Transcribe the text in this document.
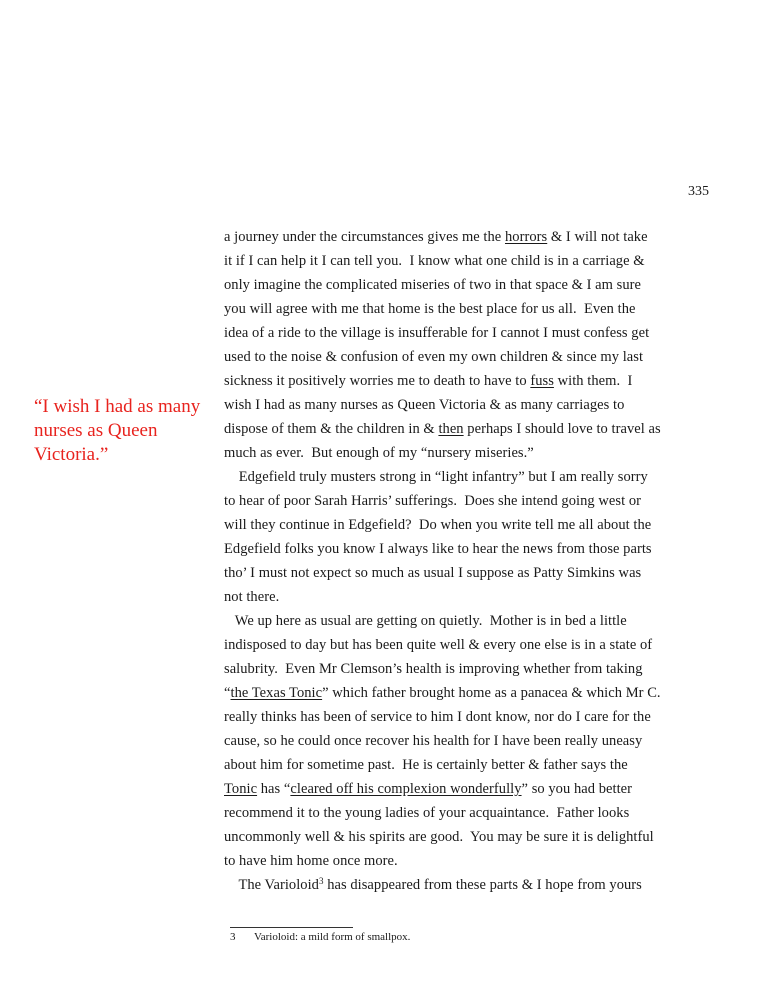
335
“I wish I had as many nurses as Queen Victoria.”
a journey under the circumstances gives me the horrors & I will not take
it if I can help it I can tell you.  I know what one child is in a carriage &
only imagine the complicated miseries of two in that space & I am sure
you will agree with me that home is the best place for us all.  Even the
idea of a ride to the village is insufferable for I cannot I must confess get
used to the noise & confusion of even my own children & since my last
sickness it positively worries me to death to have to fuss with them.  I
wish I had as many nurses as Queen Victoria & as many carriages to
dispose of them & the children in & then perhaps I should love to travel as
much as ever.  But enough of my “nursery miseries.”
Edgefield truly musters strong in “light infantry” but I am really sorry
to hear of poor Sarah Harris’ sufferings.  Does she intend going west or
will they continue in Edgefield?  Do when you write tell me all about the
Edgefield folks you know I always like to hear the news from those parts
tho’ I must not expect so much as usual I suppose as Patty Simkins was
not there.
We up here as usual are getting on quietly.  Mother is in bed a little
indisposed to day but has been quite well & every one else is in a state of
salubrity.  Even Mr Clemson’s health is improving whether from taking
“the Texas Tonic” which father brought home as a panacea & which Mr C.
really thinks has been of service to him I dont know, nor do I care for the
cause, so he could once recover his health for I have been really uneasy
about him for sometime past.  He is certainly better & father says the
Tonic has “cleared off his complexion wonderfully” so you had better
recommend it to the young ladies of your acquaintance.  Father looks
uncommonly well & his spirits are good.  You may be sure it is delightful
to have him home once more.
The Varioloid$^3$ has disappeared from these parts & I hope from yours
3 Varioloid: a mild form of smallpox.
